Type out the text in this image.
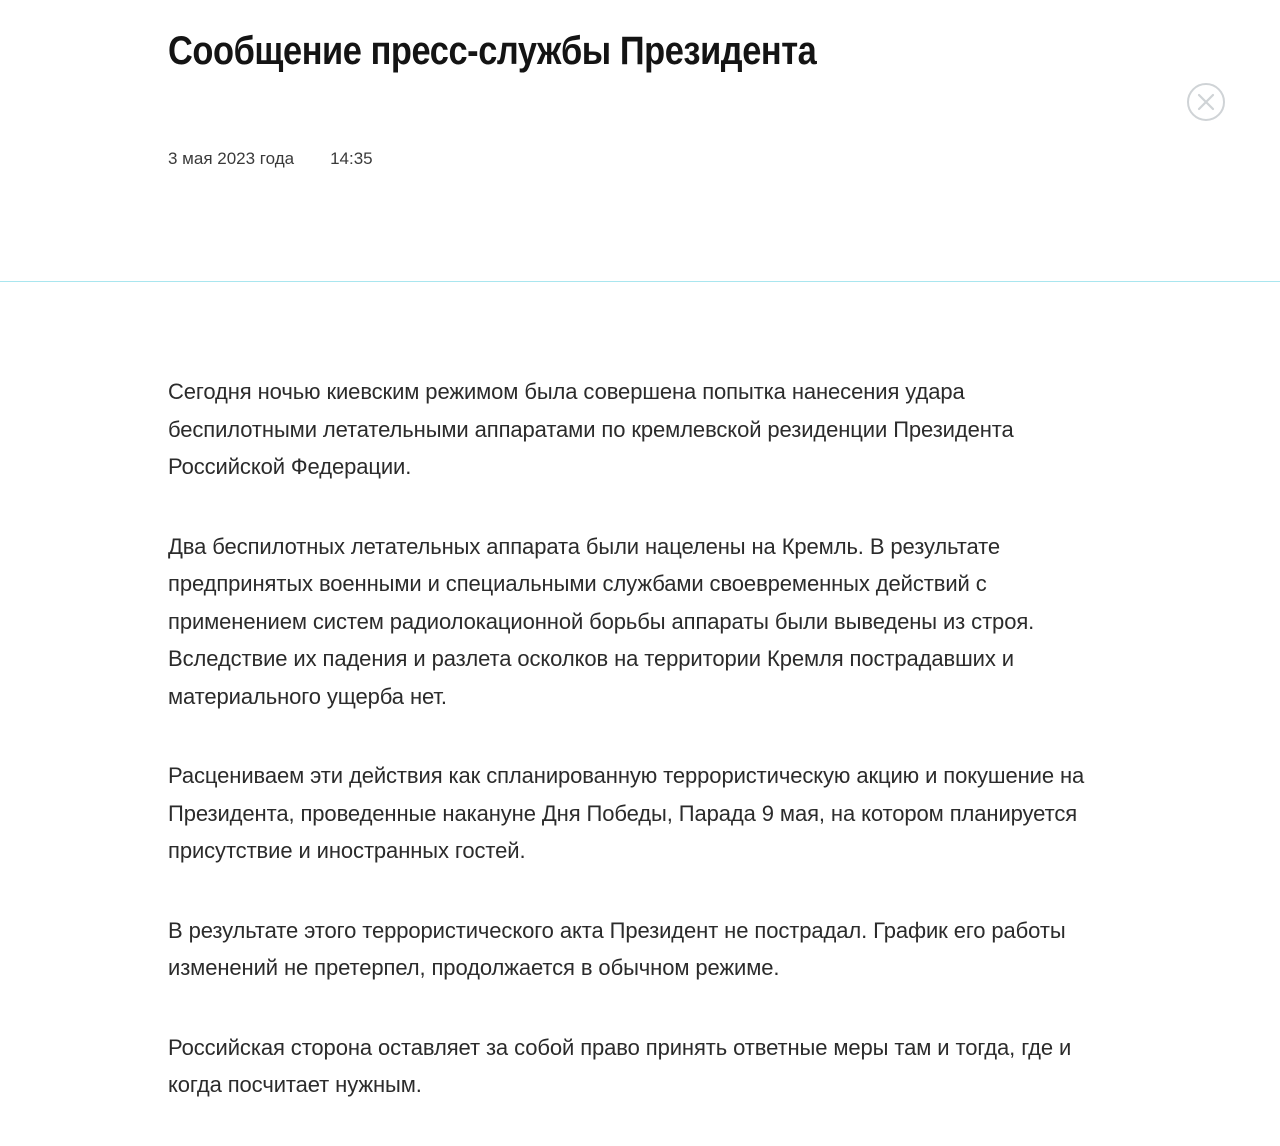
Сообщение пресс-службы Президента
3 мая 2023 года 14:35

Сегодня ночью киевским режимом была совершена попытка нанесения удара беспилотными летательными аппаратами по кремлевской резиденции Президента Российской Федерации.

Два беспилотных летательных аппарата были нацелены на Кремль. В результате предпринятых военными и специальными службами своевременных действий с применением систем радиолокационной борьбы аппараты были выведены из строя. Вследствие их падения и разлета осколков на территории Кремля пострадавших и материального ущерба нет.

Расцениваем эти действия как спланированную террористическую акцию и покушение на Президента, проведенные накануне Дня Победы, Парада 9 мая, на котором планируется присутствие и иностранных гостей.

В результате этого террористического акта Президент не пострадал. График его работы изменений не претерпел, продолжается в обычном режиме.

Российская сторона оставляет за собой право принять ответные меры там и тогда, где и когда посчитает нужным.
